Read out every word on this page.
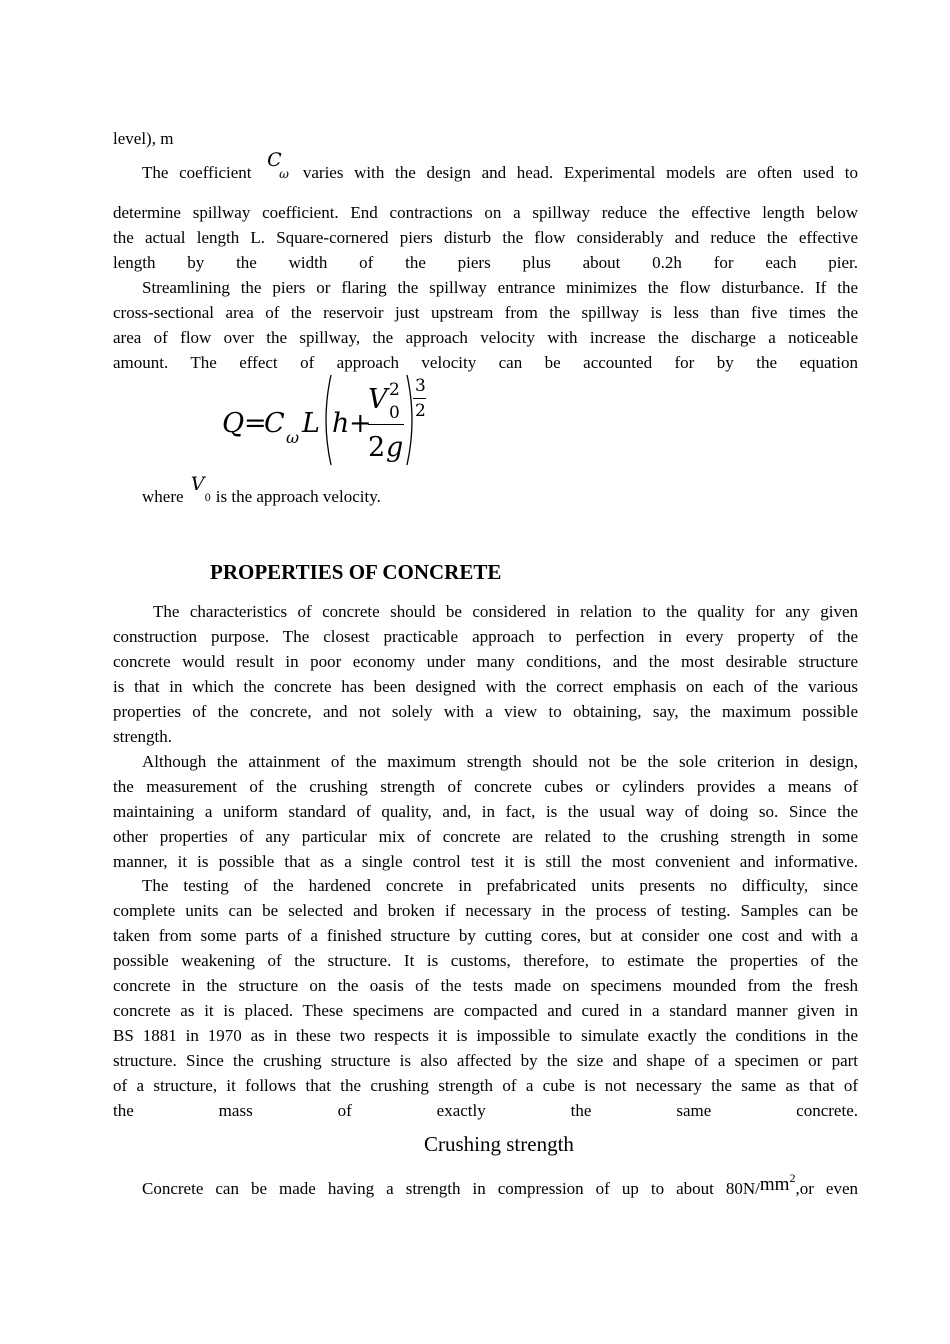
level), m
The coefficient
C
ω varies with the design and head. Experimental models are often used to
determine spillway coefficient. End contractions on a spillway reduce the effective length below
the actual length L. Square-cornered piers disturb the flow considerably and reduce the effective
length by the width of the piers plus about 0.2h for each pier.
Streamlining the piers or flaring the spillway entrance minimizes the flow disturbance. If the
cross-sectional area of the reservoir just upstream from the spillway is less than five times the
area of flow over the spillway, the approach velocity with increase the discharge a noticeable
amount. The effect of approach velocity can be accounted for by the equation
Q =
C ω L h +
V 2
0
2 g
3
2
where
V
0 is the approach velocity.
PROPERTIES OF CONCRETE
The characteristics of concrete should be considered in relation to the quality for any given
construction purpose. The closest practicable approach to perfection in every property of the
concrete would result in poor economy under many conditions, and the most desirable structure
is that in which the concrete has been designed with the correct emphasis on each of the various
properties of the concrete, and not solely with a view to obtaining, say, the maximum possible
strength.
Although the attainment of the maximum strength should not be the sole criterion in design,
the measurement of the crushing strength of concrete cubes or cylinders provides a means of
maintaining a uniform standard of quality, and, in fact, is the usual way of doing so. Since the
other properties of any particular mix of concrete are related to the crushing strength in some
manner, it is possible that as a single control test it is still the most convenient and informative.
The testing of the hardened concrete in prefabricated units presents no difficulty, since
complete units can be selected and broken if necessary in the process of testing. Samples can be
taken from some parts of a finished structure by cutting cores, but at consider one cost and with a
possible weakening of the structure. It is customs, therefore, to estimate the properties of the
concrete in the structure on the oasis of the tests made on specimens mounded from the fresh
concrete as it is placed. These specimens are compacted and cured in a standard manner given in
BS 1881 in 1970 as in these two respects it is impossible to simulate exactly the conditions in the
structure. Since the crushing structure is also affected by the size and shape of a specimen or part
of a structure, it follows that the crushing strength of a cube is not necessary the same as that of
the mass of exactly the same concrete.
Crushing strength
Concrete can be made having a strength in compression of up to about $80N/mm^2,or$ even
